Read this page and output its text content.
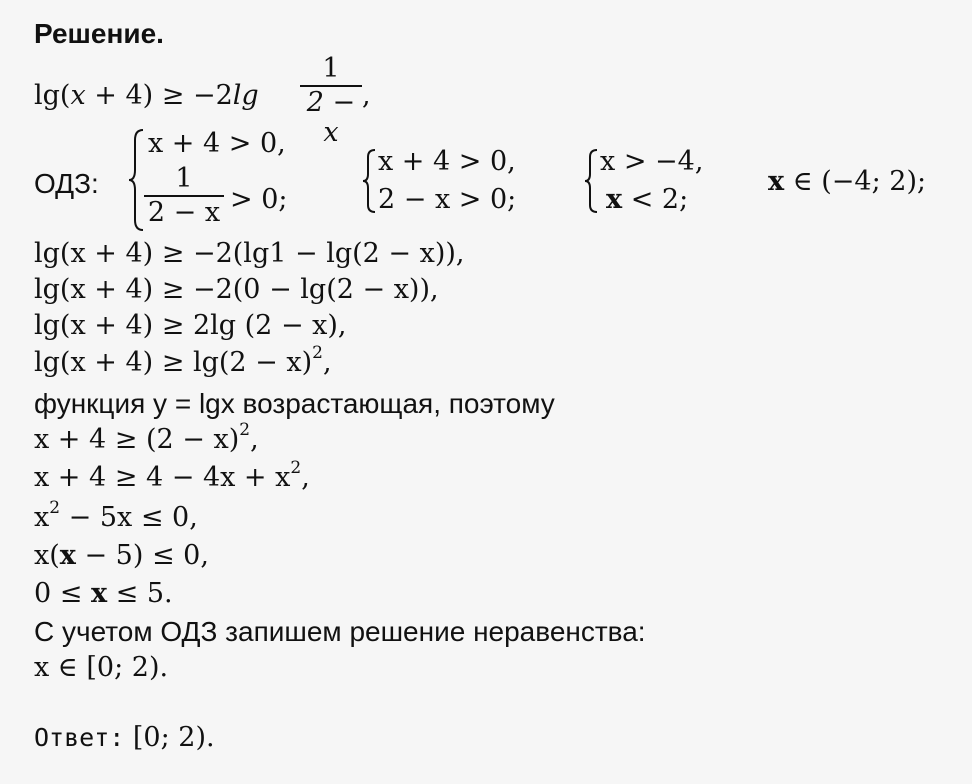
Решение.
lg(x + 4) ≥ −2lg
1
2 − x
,
ОДЗ:
x + 4 > 0,
1
2 − x > 0;
x + 4 > 0,
2 − x > 0;
x > −4,
x < 2;
x ∈ (−4; 2);
lg(x + 4) ≥ −2(lg1 − lg(2 − x)),
lg(x + 4) ≥ −2(0 − lg(2 − x)),
lg(x + 4) ≥ 2lg (2 − x),
$\lg(x + 4) \ge \lg(2 - x)^2$,
функция y = lgx возрастающая, поэтому
$x + 4 \ge (2 - x)^2$,
$x + 4 \ge 4 - 4x + x^2$,
$x^2 - 5x \le 0$,
x(x − 5) ≤ 0,
0 ≤ x ≤ 5.
С учетом ОДЗ запишем решение неравенства:
x ∈ [0; 2).
Ответ: [0; 2).
